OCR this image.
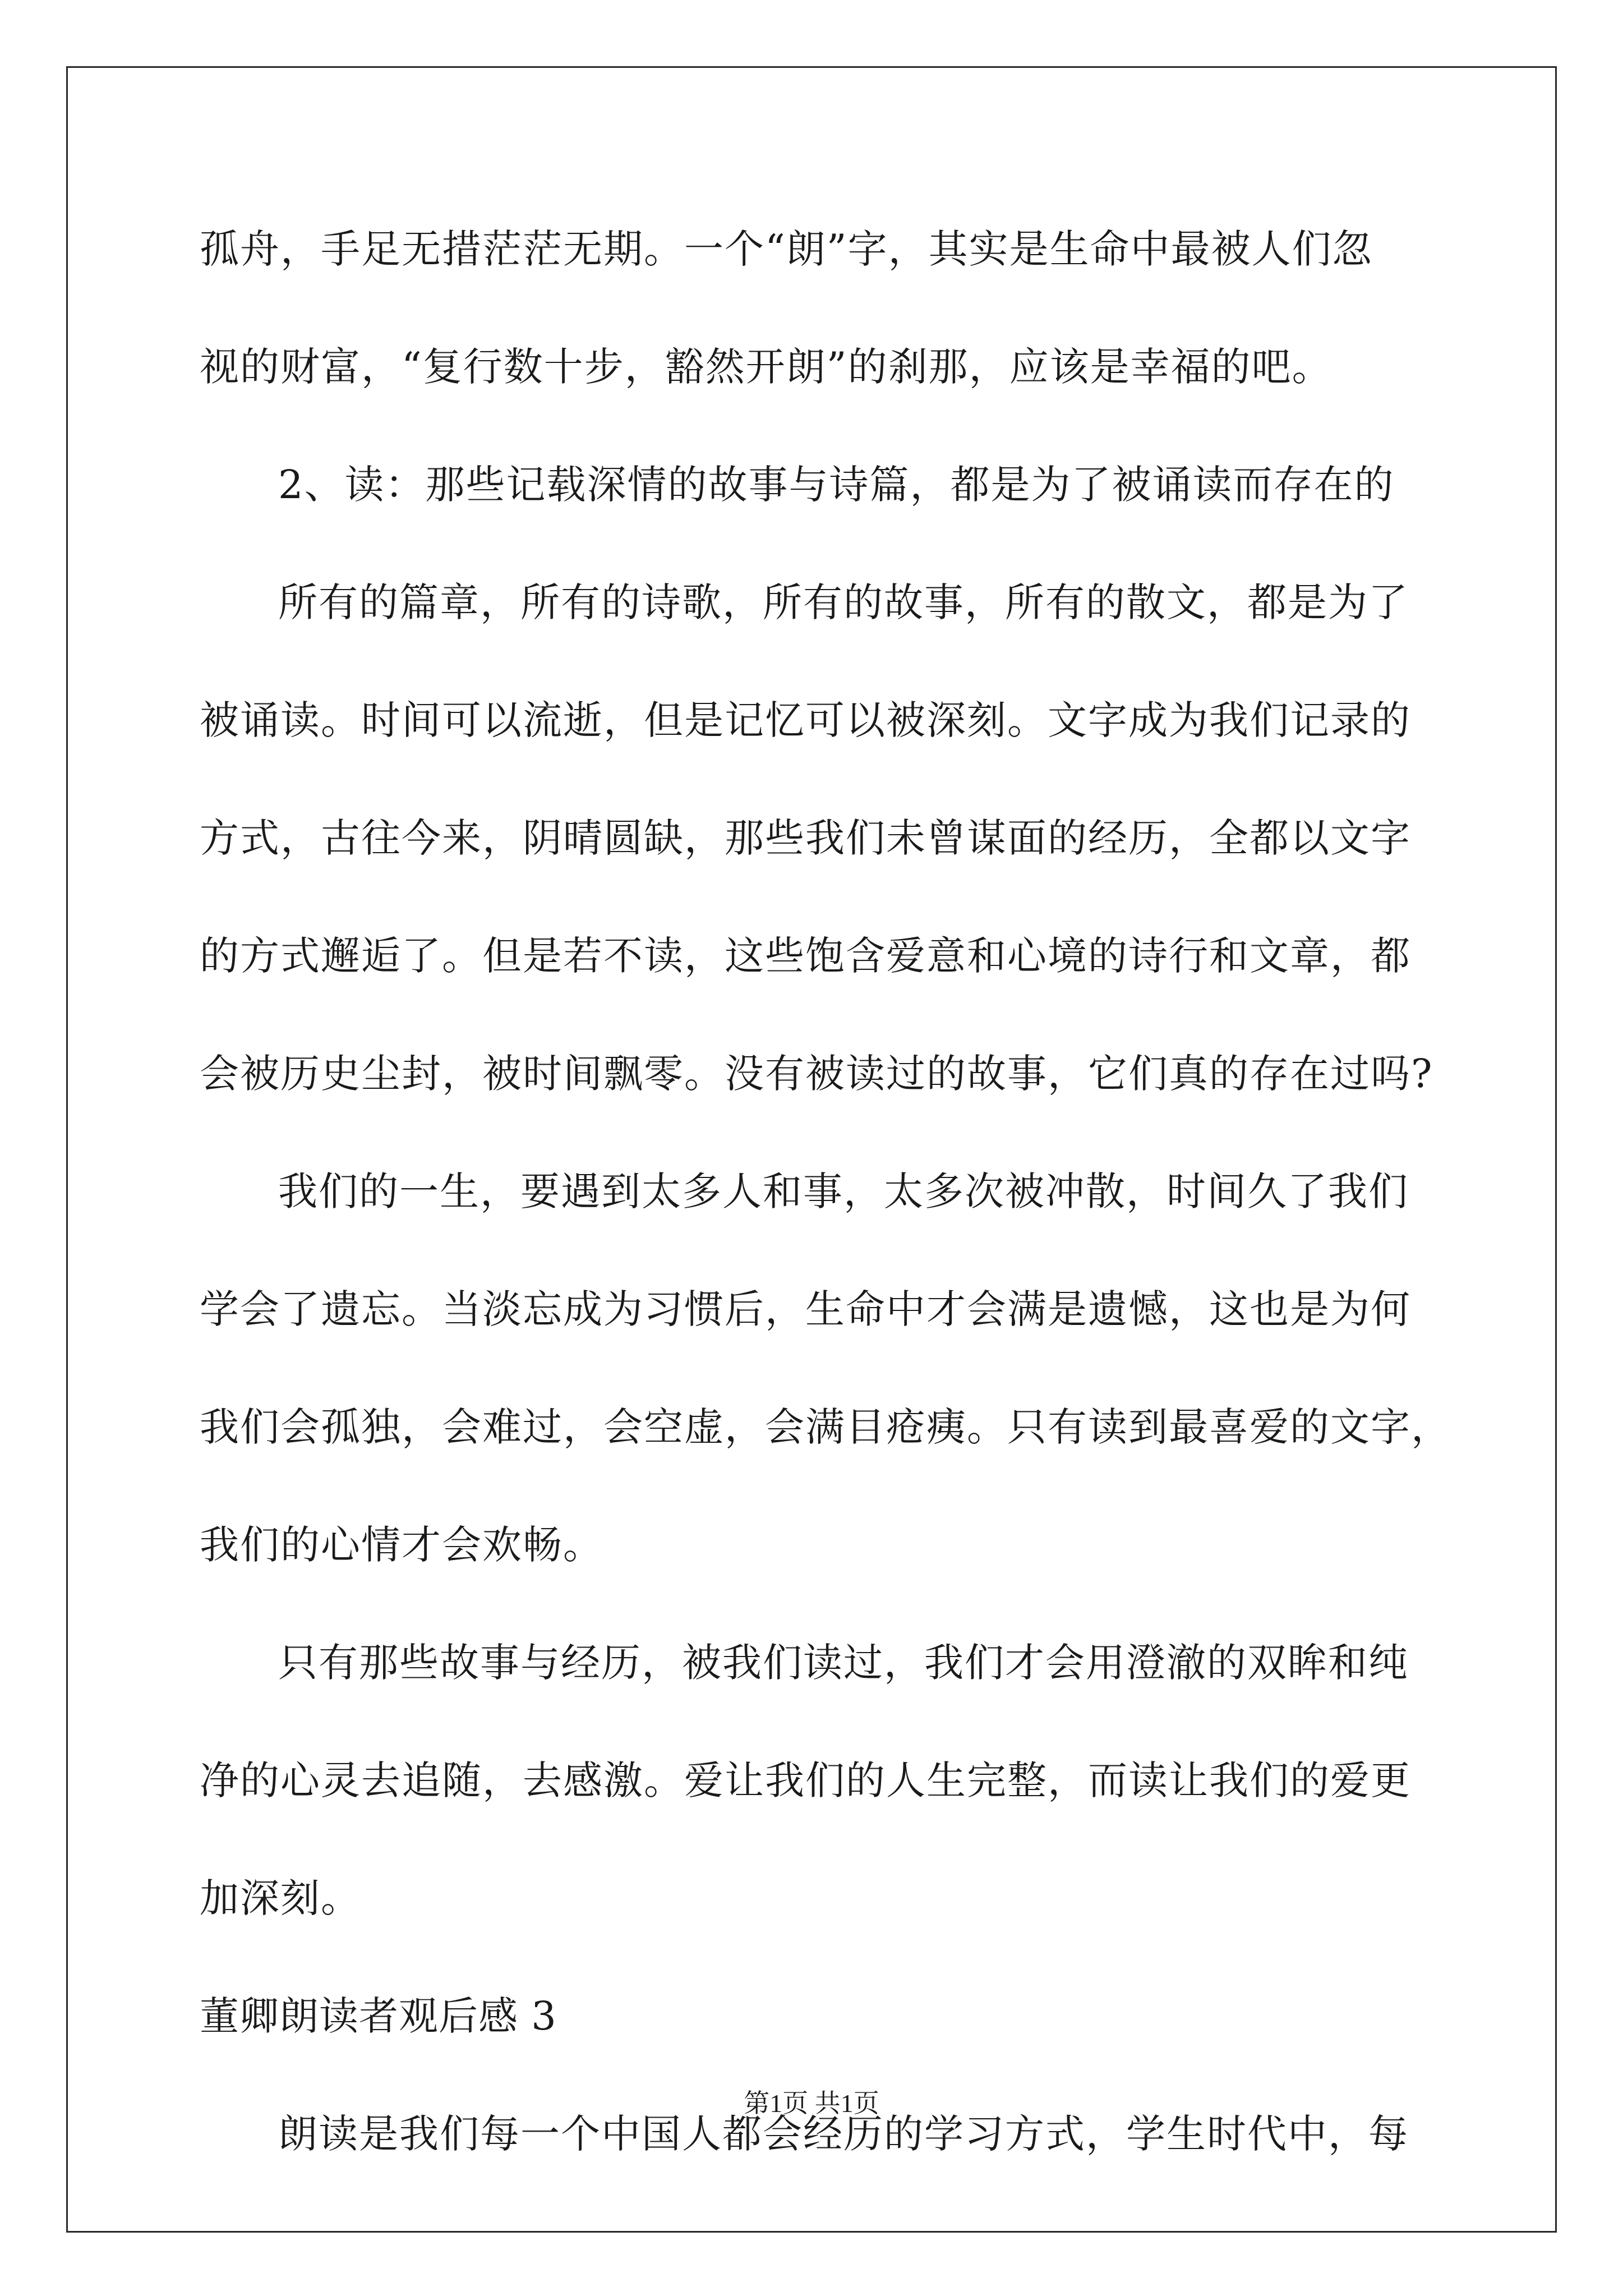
孤舟，手足无措茫茫无期。一个“朗”字，其实是生命中最被人们忽
视的财富，“复行数十步，豁然开朗”的刹那，应该是幸福的吧。
2、读：那些记载深情的故事与诗篇，都是为了被诵读而存在的
所有的篇章，所有的诗歌，所有的故事，所有的散文，都是为了
被诵读。时间可以流逝，但是记忆可以被深刻。文字成为我们记录的
方式，古往今来，阴晴圆缺，那些我们未曾谋面的经历，全都以文字
的方式邂逅了。但是若不读，这些饱含爱意和心境的诗行和文章，都
会被历史尘封，被时间飘零。没有被读过的故事，它们真的存在过吗?
我们的一生，要遇到太多人和事，太多次被冲散，时间久了我们
学会了遗忘。当淡忘成为习惯后，生命中才会满是遗憾，这也是为何
我们会孤独，会难过，会空虚，会满目疮痍。只有读到最喜爱的文字，
我们的心情才会欢畅。
只有那些故事与经历，被我们读过，我们才会用澄澈的双眸和纯
净的心灵去追随，去感激。爱让我们的人生完整，而读让我们的爱更
加深刻。
董卿朗读者观后感 3
朗读是我们每一个中国人都会经历的学习方式，学生时代中，每
第1页 共1页
